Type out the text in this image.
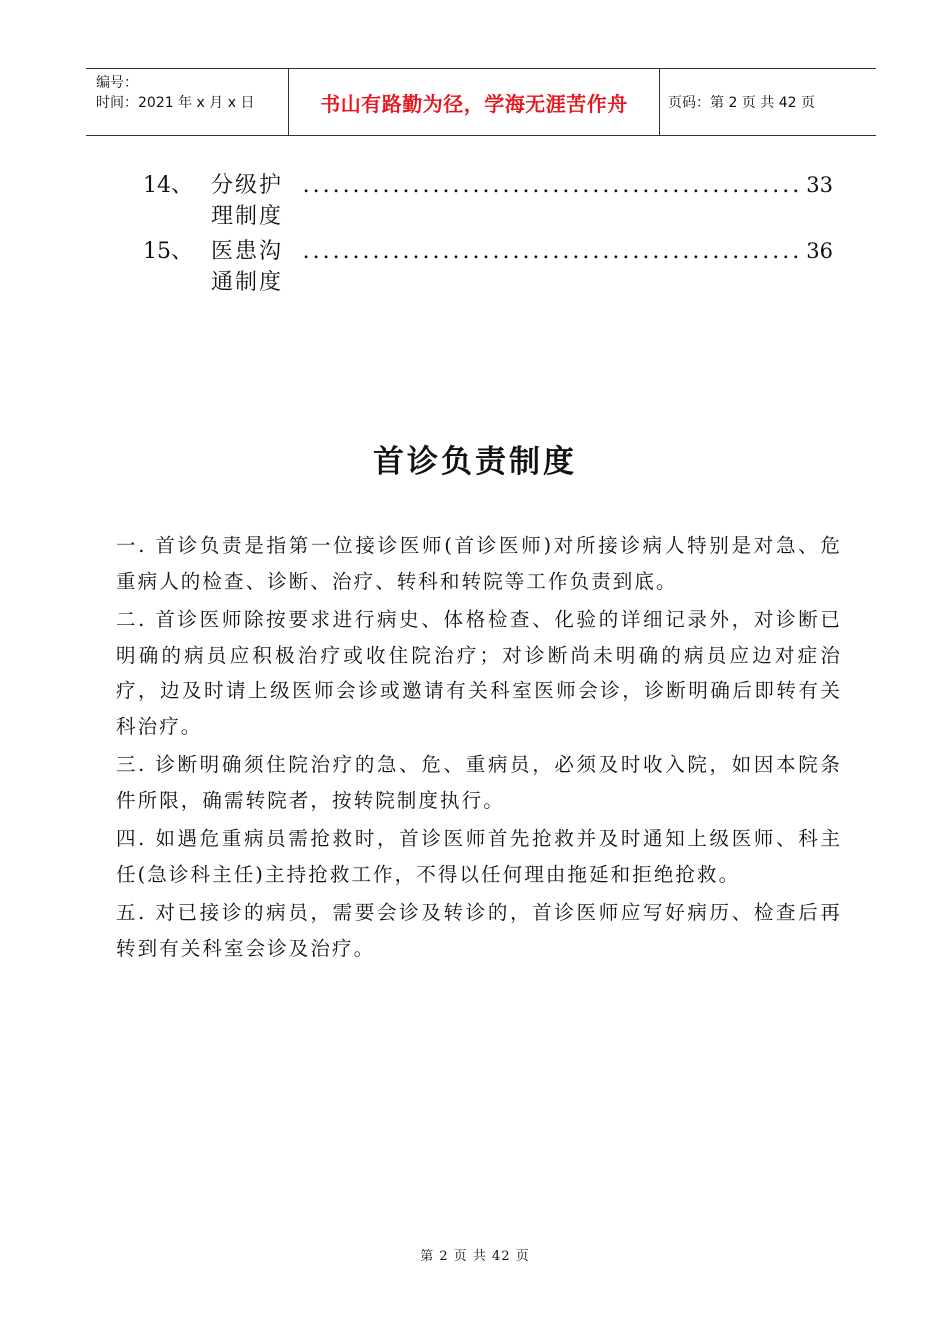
编号：
时间：2021 年 x 月 x 日	书山有路勤为径，学海无涯苦作舟	页码：第 2 页 共 42 页
14、 分级护理制度
.................................................. 33
15、 医患沟通制度
.................................................. 36
首诊负责制度

一. 首诊负责是指第一位接诊医师(首诊医师)对所接诊病人特别是对急、危重病人的检查、诊断、治疗、转科和转院等工作负责到底。

二. 首诊医师除按要求进行病史、体格检查、化验的详细记录外，对诊断已明确的病员应积极治疗或收住院治疗；对诊断尚未明确的病员应边对症治疗，边及时请上级医师会诊或邀请有关科室医师会诊，诊断明确后即转有关科治疗。

三. 诊断明确须住院治疗的急、危、重病员，必须及时收入院，如因本院条件所限，确需转院者，按转院制度执行。

四. 如遇危重病员需抢救时，首诊医师首先抢救并及时通知上级医师、科主任(急诊科主任)主持抢救工作，不得以任何理由拖延和拒绝抢救。

五. 对已接诊的病员，需要会诊及转诊的，首诊医师应写好病历、检查后再转到有关科室会诊及治疗。

第 2 页 共 42 页
